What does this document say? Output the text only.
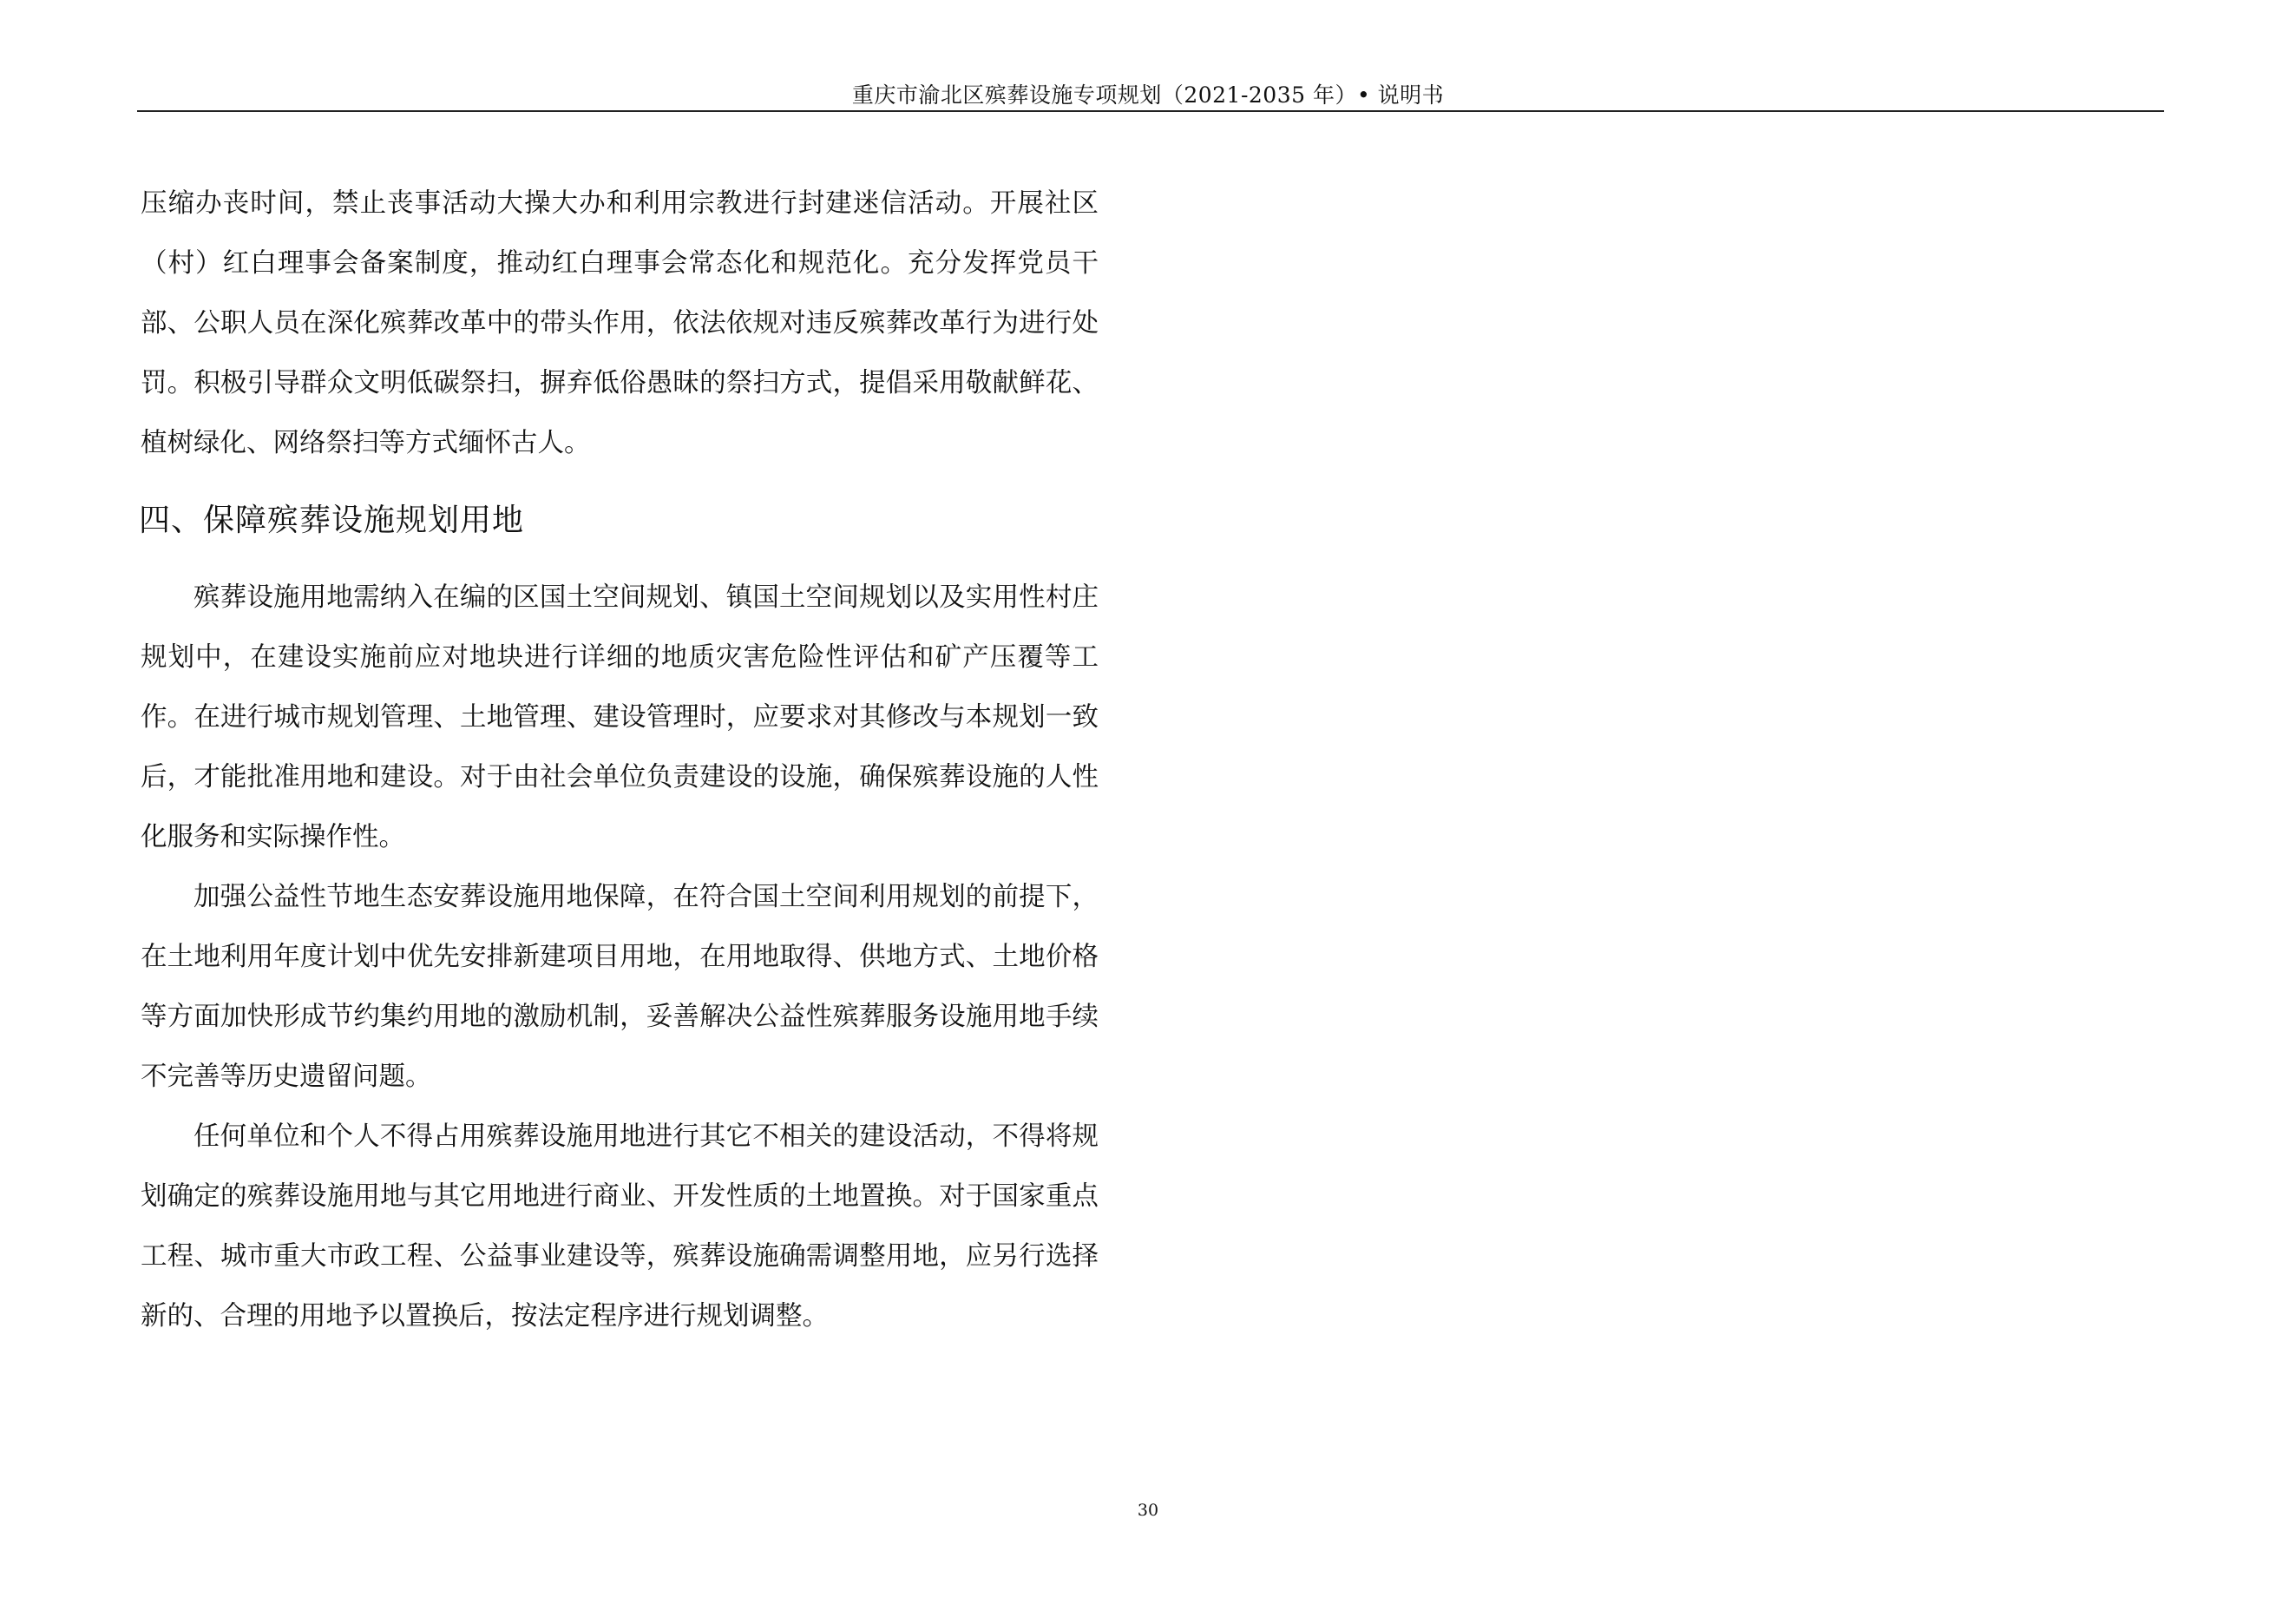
重庆市渝北区殡葬设施专项规划（2021-2035 年）• 说明书

压缩办丧时间，禁止丧事活动大操大办和利用宗教进行封建迷信活动。开展社区（村）红白理事会备案制度，推动红白理事会常态化和规范化。充分发挥党员干部、公职人员在深化殡葬改革中的带头作用，依法依规对违反殡葬改革行为进行处罚。积极引导群众文明低碳祭扫，摒弃低俗愚昧的祭扫方式，提倡采用敬献鲜花、植树绿化、网络祭扫等方式缅怀古人。

四、保障殡葬设施规划用地

殡葬设施用地需纳入在编的区国土空间规划、镇国土空间规划以及实用性村庄规划中，在建设实施前应对地块进行详细的地质灾害危险性评估和矿产压覆等工作。在进行城市规划管理、土地管理、建设管理时，应要求对其修改与本规划一致后，才能批准用地和建设。对于由社会单位负责建设的设施，确保殡葬设施的人性化服务和实际操作性。

加强公益性节地生态安葬设施用地保障，在符合国土空间利用规划的前提下，在土地利用年度计划中优先安排新建项目用地，在用地取得、供地方式、土地价格等方面加快形成节约集约用地的激励机制，妥善解决公益性殡葬服务设施用地手续不完善等历史遗留问题。

任何单位和个人不得占用殡葬设施用地进行其它不相关的建设活动，不得将规划确定的殡葬设施用地与其它用地进行商业、开发性质的土地置换。对于国家重点工程、城市重大市政工程、公益事业建设等，殡葬设施确需调整用地，应另行选择新的、合理的用地予以置换后，按法定程序进行规划调整。

30
